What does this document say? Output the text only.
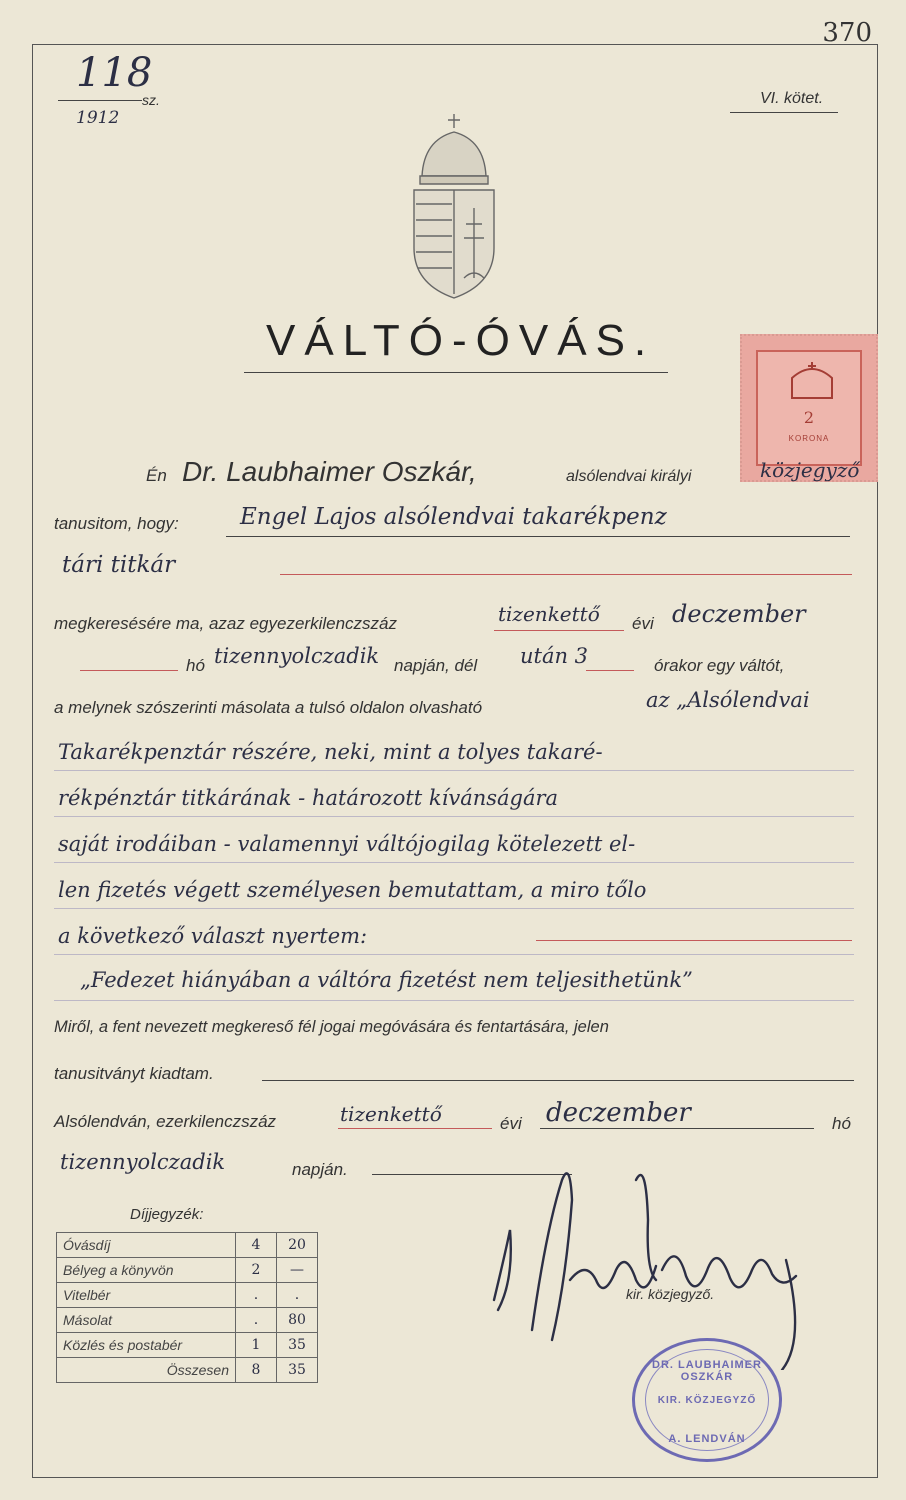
370
118
sz.
1912
VI. kötet.
VÁLTÓ-ÓVÁS.
2
KORONA
Én Dr. Laubhaimer Oszkár,	alsólendvai királyi	közjegyző
tanusitom, hogy:	Engel Lajos alsólendvai takarékpenz
tári titkár
megkeresésére ma, azaz egyezerkilenczszáz	tizenkettő évi deczember
hó tizennyolczadik napján, dél után 3	órakor egy váltót,
a melynek szószerinti másolata a tulsó oldalon olvasható	az „Alsólendvai
Takarékpenztár részére, neki, mint a tolyes takaré-
rékpénztár titkárának - határozott kívánságára
saját irodáiban - valamennyi váltójogilag kötelezett el-
len fizetés végett személyesen bemutattam, a miro tőlo
a következő választ nyertem:
„Fedezet hiányában a váltóra fizetést nem teljesithetünk”
Miről, a fent nevezett megkereső fél jogai megóvására és fentartására, jelen
tanusitványt kiadtam.
Alsólendván, ezerkilenczszáz	tizenkettő	évi deczember	hó
tizennyolczadik	napján.
Díjjegyzék:
Óvásdíj	4	20
Bélyeg a könyvön	2	—
Vitelbér	.	.
Másolat	.	80
Közlés és postabér	1	35
Összesen	8	35
kir. közjegyző.
DR. LAUBHAIMER OSZKÁR
KIR. KÖZJEGYZŐ
A. LENDVÁN
